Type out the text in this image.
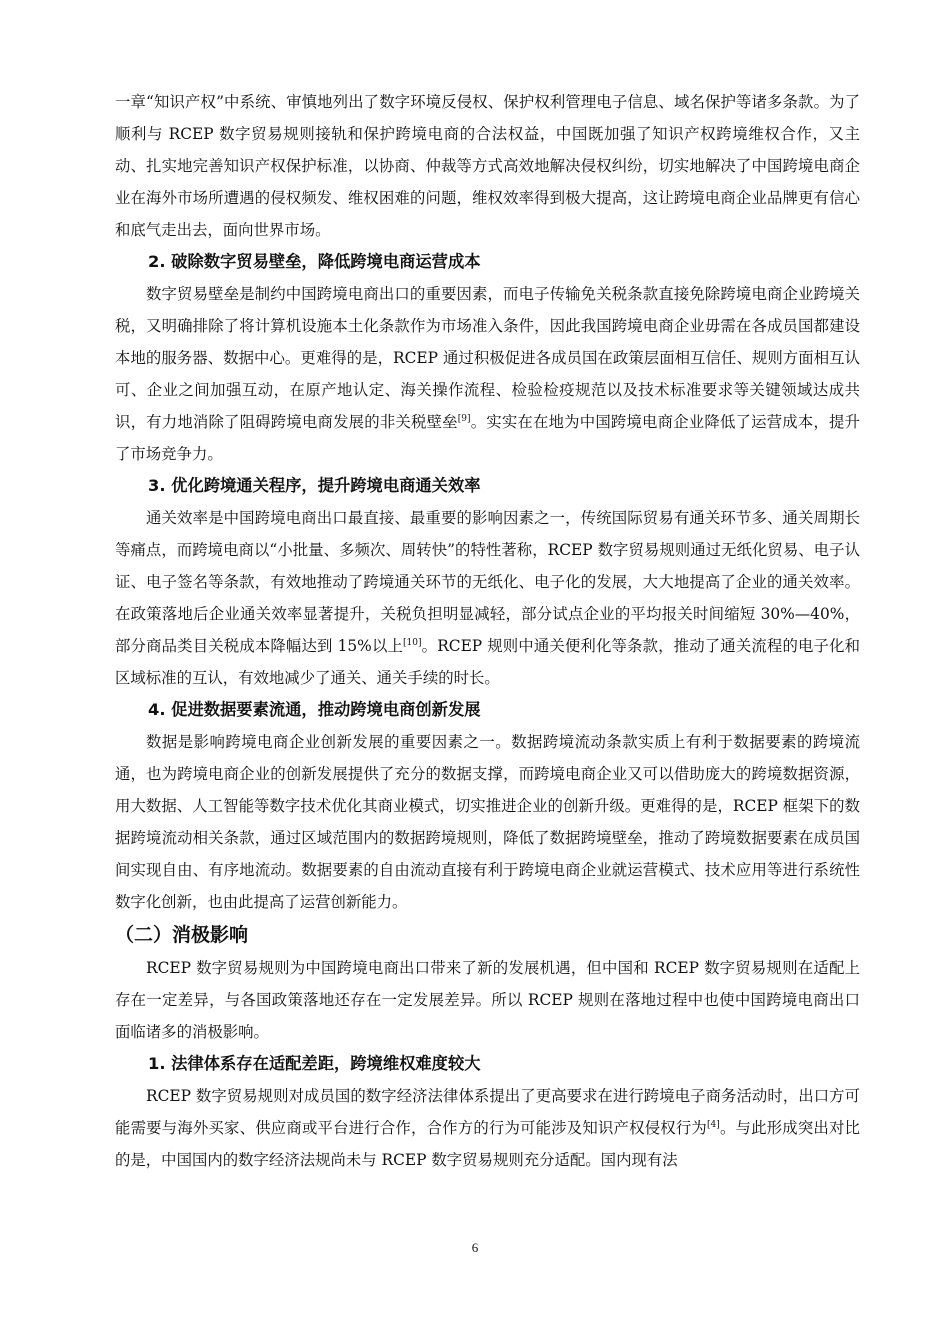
一章“知识产权”中系统、审慎地列出了数字环境反侵权、保护权利管理电子信息、域名保护等诸多条款。为了顺利与 RCEP 数字贸易规则接轨和保护跨境电商的合法权益，中国既加强了知识产权跨境维权合作，又主动、扎实地完善知识产权保护标准，以协商、仲裁等方式高效地解决侵权纠纷，切实地解决了中国跨境电商企业在海外市场所遭遇的侵权频发、维权困难的问题，维权效率得到极大提高，这让跨境电商企业品牌更有信心和底气走出去，面向世界市场。

2. 破除数字贸易壁垒，降低跨境电商运营成本

数字贸易壁垒是制约中国跨境电商出口的重要因素，而电子传输免关税条款直接免除跨境电商企业跨境关税，又明确排除了将计算机设施本土化条款作为市场准入条件，因此我国跨境电商企业毋需在各成员国都建设本地的服务器、数据中心。更难得的是，RCEP 通过积极促进各成员国在政策层面相互信任、规则方面相互认可、企业之间加强互动，在原产地认定、海关操作流程、检验检疫规范以及技术标准要求等关键领域达成共识，有力地消除了阻碍跨境电商发展的非关税壁垒[9]。实实在在地为中国跨境电商企业降低了运营成本，提升了市场竞争力。

3. 优化跨境通关程序，提升跨境电商通关效率

通关效率是中国跨境电商出口最直接、最重要的影响因素之一，传统国际贸易有通关环节多、通关周期长等痛点，而跨境电商以“小批量、多频次、周转快”的特性著称，RCEP 数字贸易规则通过无纸化贸易、电子认证、电子签名等条款，有效地推动了跨境通关环节的无纸化、电子化的发展，大大地提高了企业的通关效率。在政策落地后企业通关效率显著提升，关税负担明显减轻，部分试点企业的平均报关时间缩短 30%—40%，部分商品类目关税成本降幅达到 15%以上[10]。RCEP 规则中通关便利化等条款，推动了通关流程的电子化和区域标准的互认，有效地减少了通关、通关手续的时长。

4. 促进数据要素流通，推动跨境电商创新发展

数据是影响跨境电商企业创新发展的重要因素之一。数据跨境流动条款实质上有利于数据要素的跨境流通，也为跨境电商企业的创新发展提供了充分的数据支撑，而跨境电商企业又可以借助庞大的跨境数据资源，用大数据、人工智能等数字技术优化其商业模式，切实推进企业的创新升级。更难得的是，RCEP 框架下的数据跨境流动相关条款，通过区域范围内的数据跨境规则，降低了数据跨境壁垒，推动了跨境数据要素在成员国间实现自由、有序地流动。数据要素的自由流动直接有利于跨境电商企业就运营模式、技术应用等进行系统性数字化创新，也由此提高了运营创新能力。

（二）消极影响

RCEP 数字贸易规则为中国跨境电商出口带来了新的发展机遇，但中国和 RCEP 数字贸易规则在适配上存在一定差异，与各国政策落地还存在一定发展差异。所以 RCEP 规则在落地过程中也使中国跨境电商出口面临诸多的消极影响。

1. 法律体系存在适配差距，跨境维权难度较大

RCEP 数字贸易规则对成员国的数字经济法律体系提出了更高要求在进行跨境电子商务活动时，出口方可能需要与海外买家、供应商或平台进行合作，合作方的行为可能涉及知识产权侵权行为[4]。与此形成突出对比的是，中国国内的数字经济法规尚未与 RCEP 数字贸易规则充分适配。国内现有法

6
